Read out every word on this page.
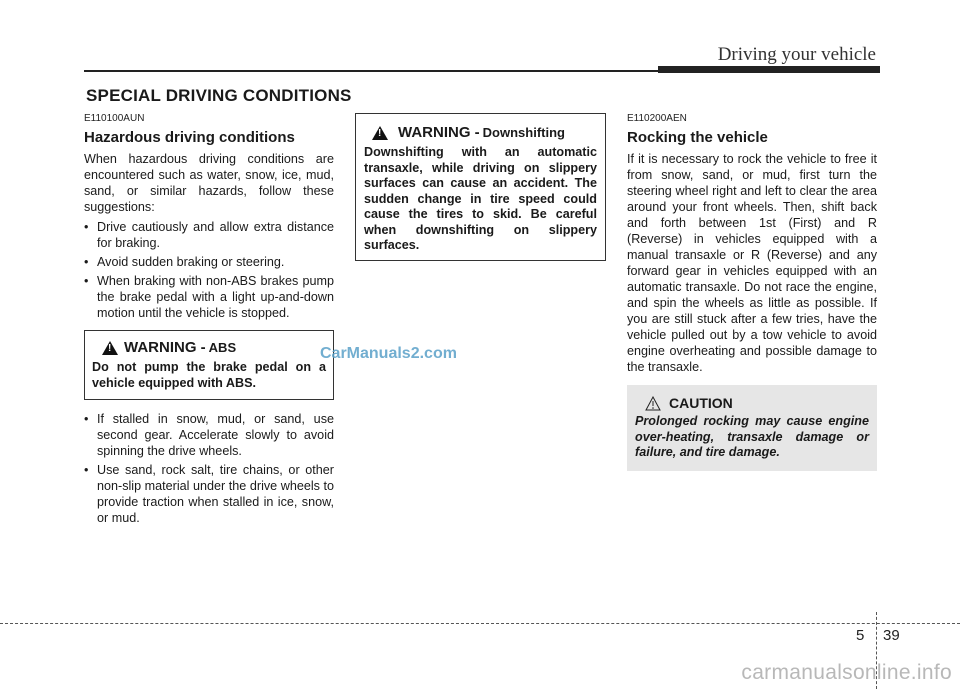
Driving your vehicle
SPECIAL DRIVING CONDITIONS
E110100AUN
Hazardous driving conditions
When hazardous driving conditions are encountered such as water, snow, ice, mud, sand, or similar hazards, follow these suggestions:
• Drive cautiously and allow extra distance for braking.
• Avoid sudden braking or steering.
• When braking with non-ABS brakes pump the brake pedal with a light up-and-down motion until the vehicle is stopped.
!
WARNING - ABS
Do not pump the brake pedal on a vehicle equipped with ABS.
• If stalled in snow, mud, or sand, use second gear. Accelerate slowly to avoid spinning the drive wheels.
• Use sand, rock salt, tire chains, or other non-slip material under the drive wheels to provide traction when stalled in ice, snow, or mud.
!
WARNING - Downshifting
Downshifting with an automatic transaxle, while driving on slippery surfaces can cause an accident. The sudden change in tire speed could cause the tires to skid. Be careful when downshifting on slippery surfaces.
E110200AEN
Rocking the vehicle
If it is necessary to rock the vehicle to free it from snow, sand, or mud, first turn the steering wheel right and left to clear the area around your front wheels. Then, shift back and forth between 1st (First) and R (Reverse) in vehicles equipped with a manual transaxle or R (Reverse) and any forward gear in vehicles equipped with an automatic transaxle. Do not race the engine, and spin the wheels as little as possible. If you are still stuck after a few tries, have the vehicle pulled out by a tow vehicle to avoid engine overheating and possible damage to the transaxle.
CAUTION
Prolonged rocking may cause engine over-heating, transaxle damage or failure, and tire damage.
CarManuals2.com
5 39
carmanualsonline.info
